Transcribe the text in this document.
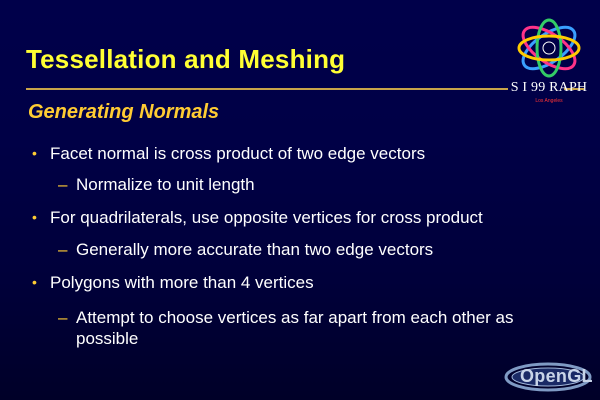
Tessellation and Meshing
Generating Normals
• Facet normal is cross product of two edge vectors
– Normalize to unit length
• For quadrilaterals, use opposite vertices for cross product
– Generally more accurate than two edge vectors
• Polygons with more than 4 vertices
– Attempt to choose vertices as far apart from each other as possible
S I 99 RAPH
Los Angeles
OpenGL
